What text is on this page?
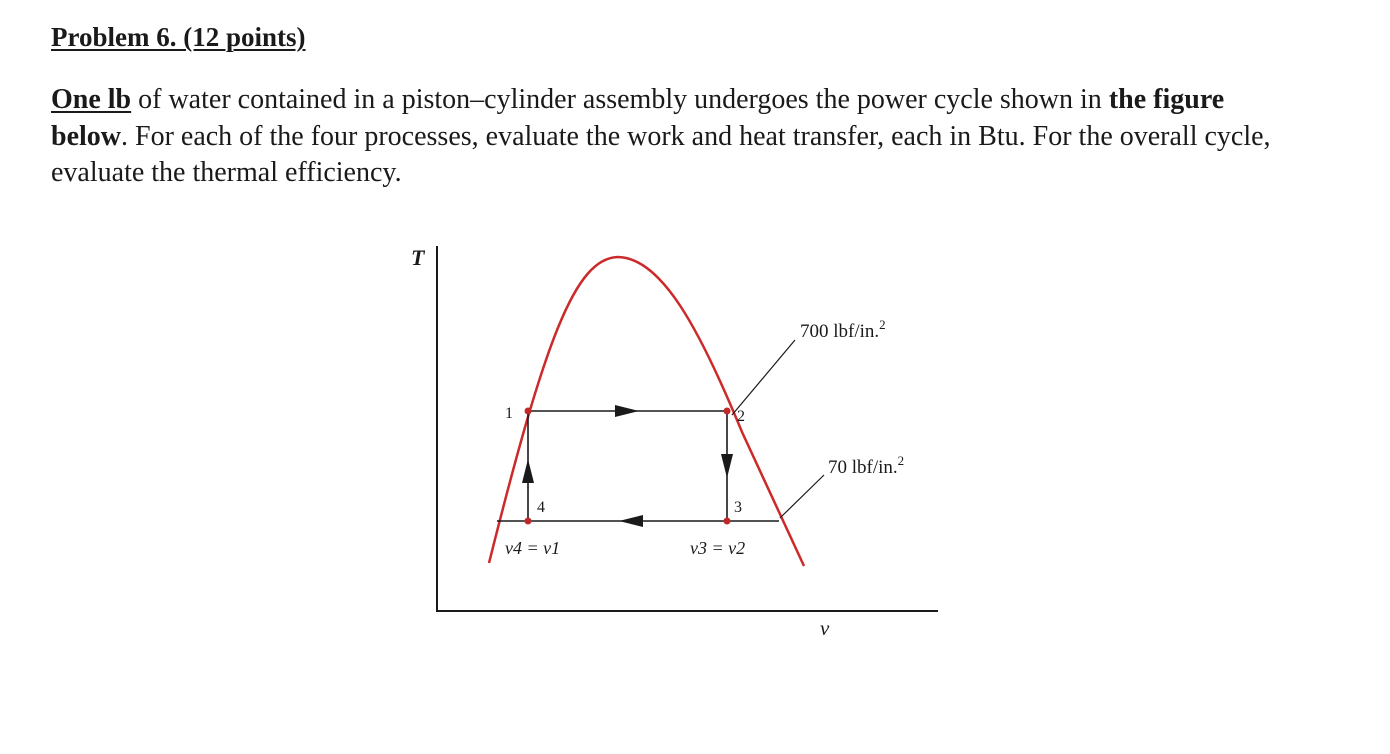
Problem 6. (12 points)

One lb of water contained in a piston–cylinder assembly undergoes the power cycle shown in the figure below. For each of the four processes, evaluate the work and heat transfer, each in Btu. For the overall cycle, evaluate the thermal efficiency.

T
v
1	2
3
4
700 lbf/in.$^2$
70 lbf/in.$^2$
v4 = v1	v3 = v2
